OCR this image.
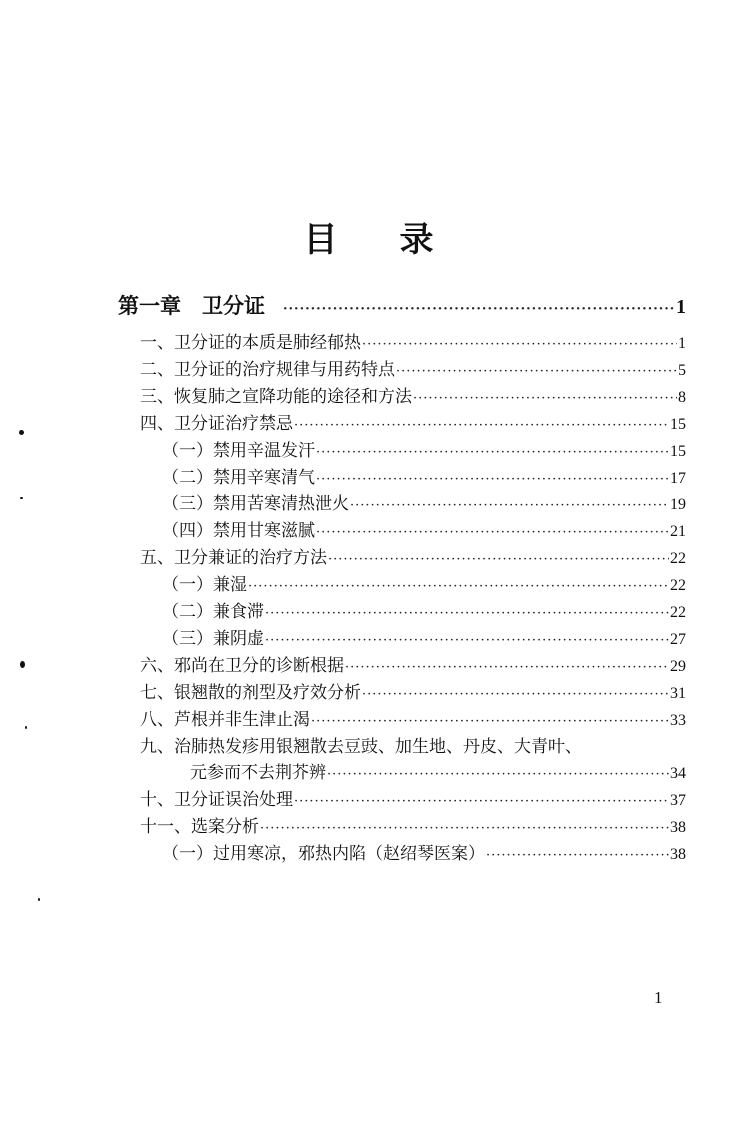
目 录
第一章　卫分证 ·····	1
一、卫分证的本质是肺经郁热 ·····	1
二、卫分证的治疗规律与用药特点 ·····	5
三、恢复肺之宣降功能的途径和方法 ·····	8
四、卫分证治疗禁忌 ·····	15
（一）禁用辛温发汗 ·····	15
（二）禁用辛寒清气 ·····	17
（三）禁用苦寒清热泄火 ·····	19
（四）禁用甘寒滋腻 ·····	21
五、卫分兼证的治疗方法 ·····	22
（一）兼湿 ·····	22
（二）兼食滞 ·····	22
（三）兼阴虚 ·····	27
六、邪尚在卫分的诊断根据 ·····	29
七、银翘散的剂型及疗效分析 ·····	31
八、芦根并非生津止渴 ·····	33
九、治肺热发疹用银翘散去豆豉、加生地、丹皮、大青叶、
元参而不去荆芥辨 ·····	34
十、卫分证误治处理 ·····	37
十一、选案分析 ·····	38
（一）过用寒凉，邪热内陷（赵绍琴医案） ·····	38
1
